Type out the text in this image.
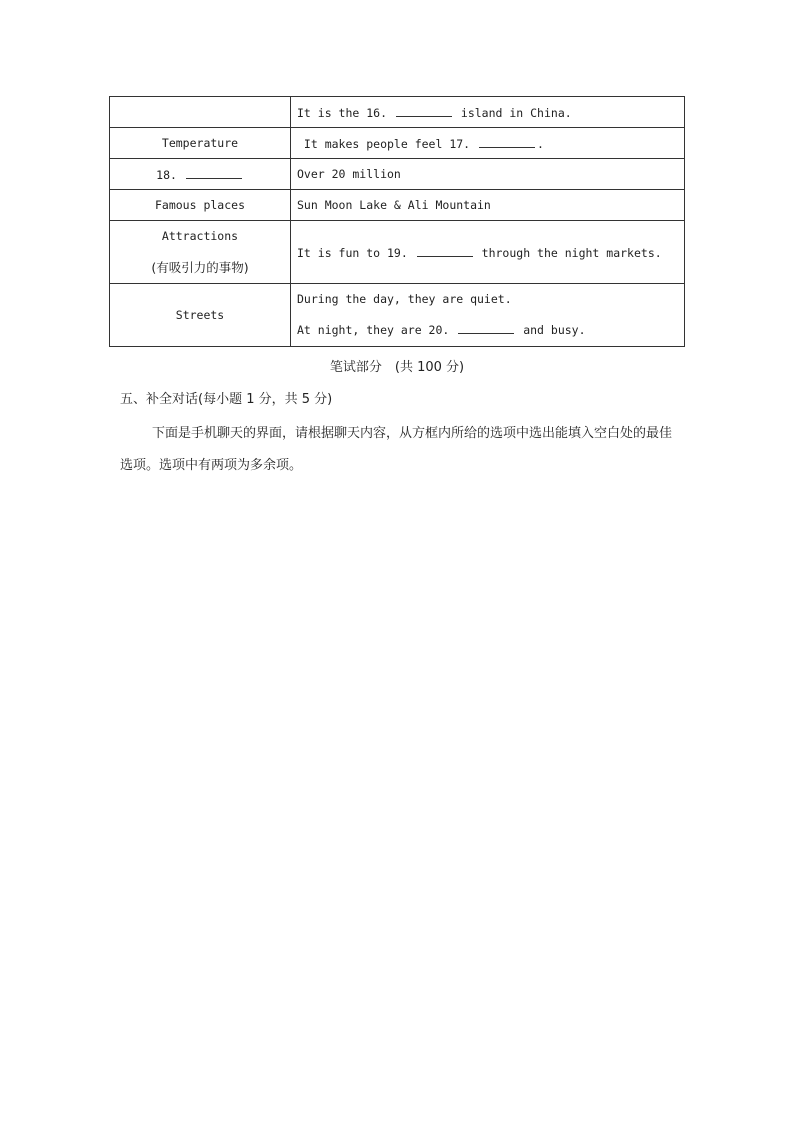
	It is the 16. island in China.
Temperature	It makes people feel 17. .
18.	Over 20 million
Famous places	Sun Moon Lake & Ali Mountain

Attractions
(有吸引力的事物)	It is fun to 19. through the night markets.
Streets	During the day, they are quiet.
At night, they are 20. and busy.
笔试部分　(共 100 分)
五、补全对话(每小题 1 分，共 5 分)
下面是手机聊天的界面，请根据聊天内容，从方框内所给的选项中选出能填入空白处的最佳选项。选项中有两项为多余项。
